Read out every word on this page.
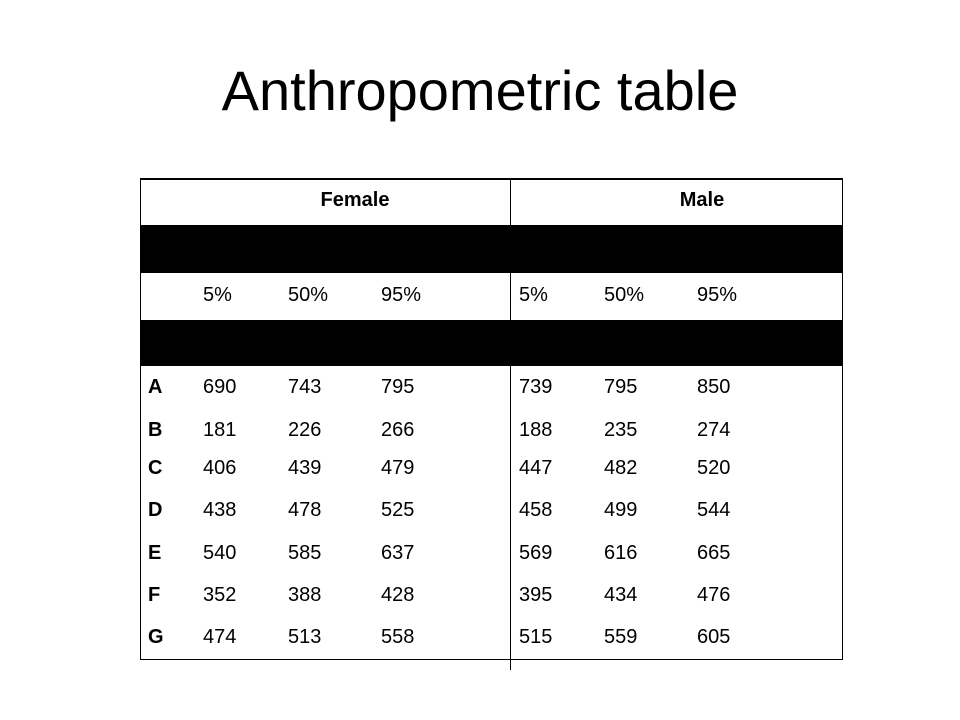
Anthropometric table
Female	Male
5%	50%	95%	5%	50%	95%
A 690	743	795	739	795	850
B 181	226	266	188	235	274
C 406	439	479	447	482	520
D 438	478	525	458	499	544
E 540	585	637	569	616	665
F 352	388	428	395	434	476
G 474	513	558	515	559	605
